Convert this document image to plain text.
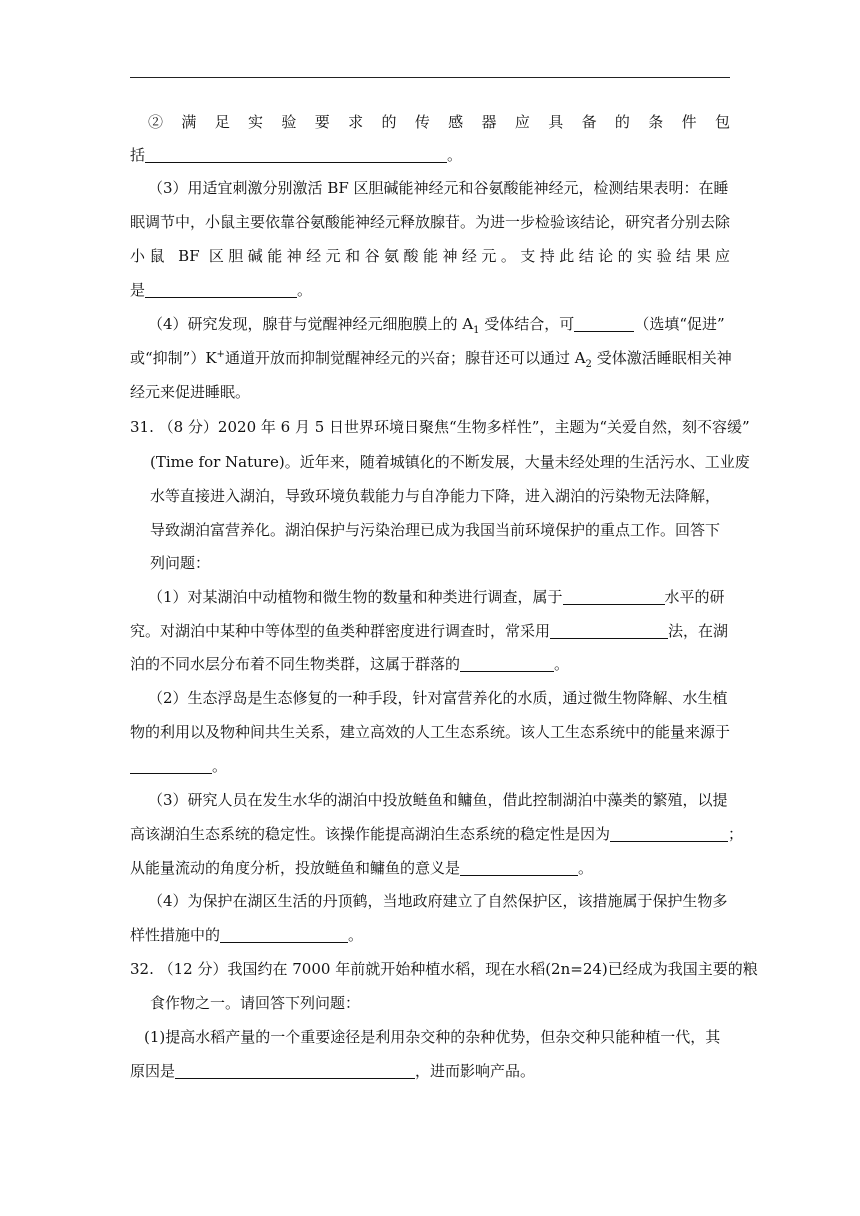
②满足实验要求的传感器应具备的条件包
括	。
（3）用适宜刺激分别激活 BF 区胆碱能神经元和谷氨酸能神经元，检测结果表明：在睡
眠调节中，小鼠主要依靠谷氨酸能神经元释放腺苷。为进一步检验该结论，研究者分别去除
小鼠 BF 区胆碱能神经元和谷氨酸能神经元。支持此结论的实验结果应
是	。
（4）研究发现，腺苷与觉醒神经元细胞膜上的 $A_1$ 受体结合，可	（选填“促进”
或“抑制”）K+通道开放而抑制觉醒神经元的兴奋；腺苷还可以通过 $A_2$ 受体激活睡眠相关神
经元来促进睡眠。
31. （8 分）2020 年 6 月 5 日世界环境日聚焦“生物多样性”，主题为“关爱自然，刻不容缓”
(Time for Nature)。近年来，随着城镇化的不断发展，大量未经处理的生活污水、工业废
水等直接进入湖泊，导致环境负载能力与自净能力下降，进入湖泊的污染物无法降解，
导致湖泊富营养化。湖泊保护与污染治理已成为我国当前环境保护的重点工作。回答下
列问题：
（1）对某湖泊中动植物和微生物的数量和种类进行调查，属于	水平的研
究。对湖泊中某种中等体型的鱼类种群密度进行调查时，常采用	法，在湖
泊的不同水层分布着不同生物类群，这属于群落的	。
（2）生态浮岛是生态修复的一种手段，针对富营养化的水质，通过微生物降解、水生植
物的利用以及物种间共生关系，建立高效的人工生态系统。该人工生态系统中的能量来源于
。
（3）研究人员在发生水华的湖泊中投放鲢鱼和鳙鱼，借此控制湖泊中藻类的繁殖，以提
高该湖泊生态系统的稳定性。该操作能提高湖泊生态系统的稳定性是因为	；
从能量流动的角度分析，投放鲢鱼和鳙鱼的意义是	。
（4）为保护在湖区生活的丹顶鹤，当地政府建立了自然保护区，该措施属于保护生物多
样性措施中的	。
32. （12 分）我国约在 7000 年前就开始种植水稻，现在水稻(2n=24)已经成为我国主要的粮
食作物之一。请回答下列问题：
(1)提高水稻产量的一个重要途径是利用杂交种的杂种优势，但杂交种只能种植一代，其
原因是	，进而影响产品。
